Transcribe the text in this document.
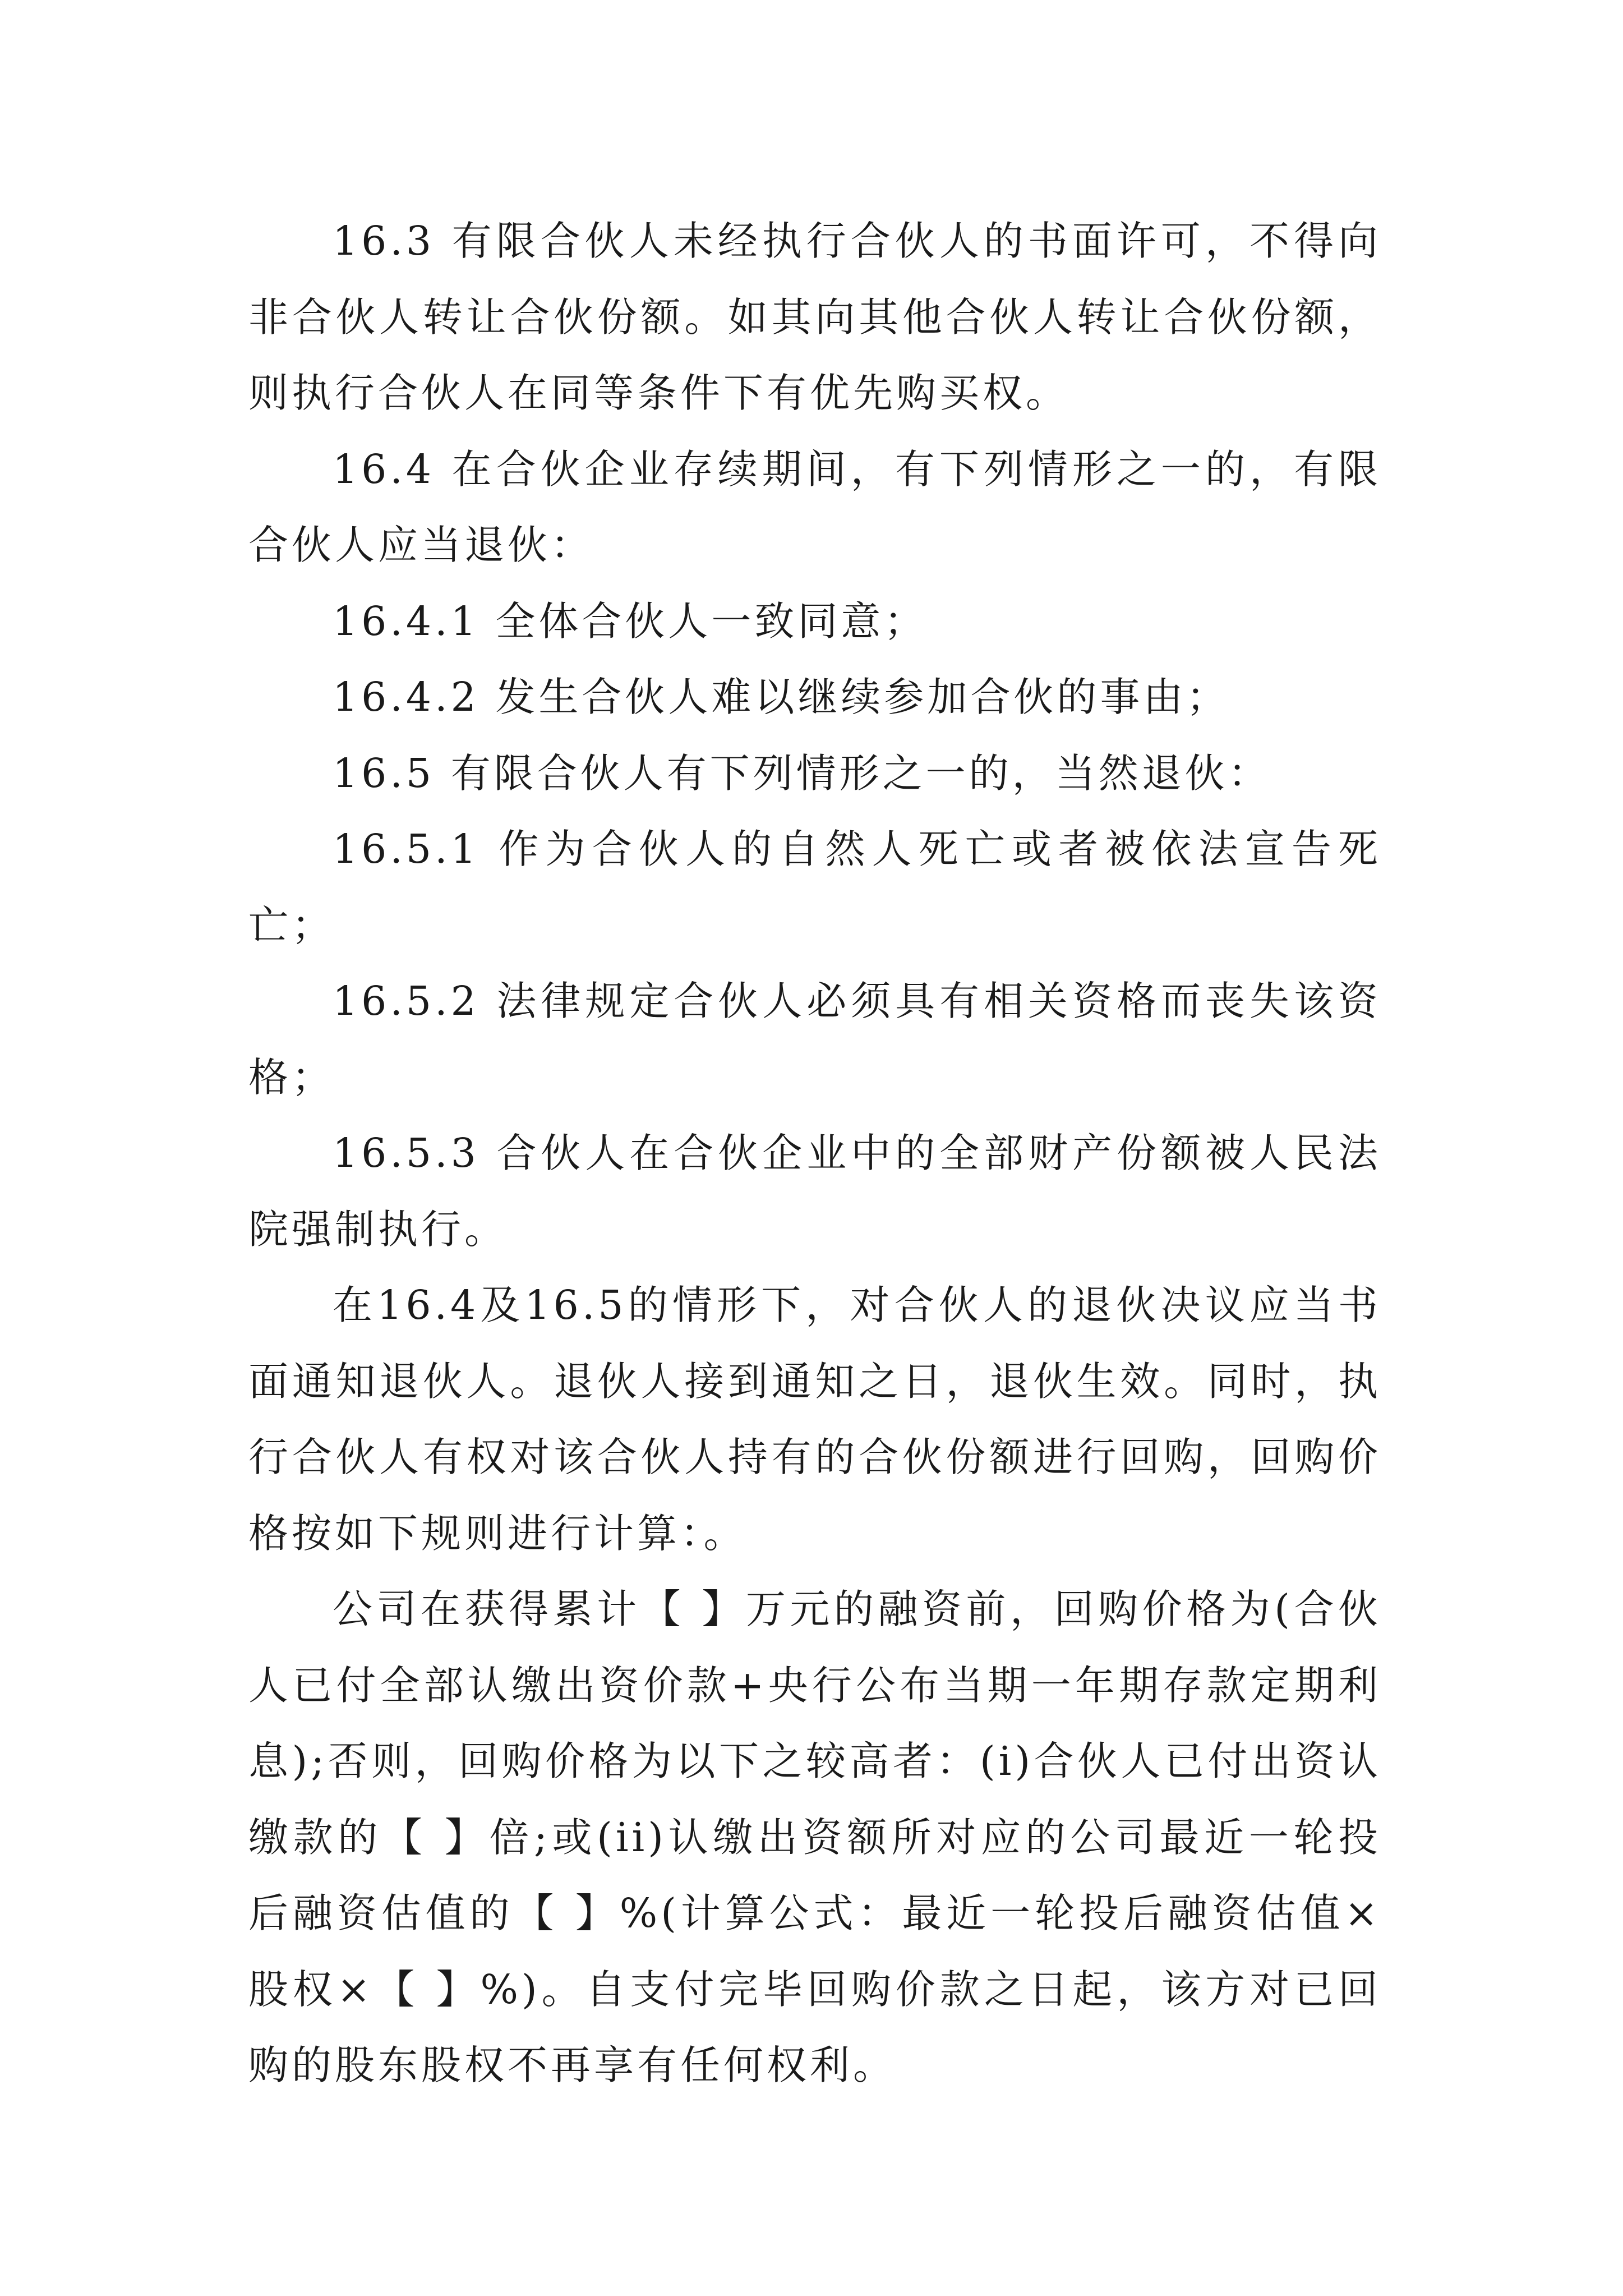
16.3 有限合伙人未经执行合伙人的书面许可，不得向非合伙人转让合伙份额。如其向其他合伙人转让合伙份额，则执行合伙人在同等条件下有优先购买权。

16.4 在合伙企业存续期间，有下列情形之一的，有限合伙人应当退伙：

16.4.1 全体合伙人一致同意；

16.4.2 发生合伙人难以继续参加合伙的事由；

16.5 有限合伙人有下列情形之一的，当然退伙：

16.5.1 作为合伙人的自然人死亡或者被依法宣告死亡；

16.5.2 法律规定合伙人必须具有相关资格而丧失该资格；

16.5.3 合伙人在合伙企业中的全部财产份额被人民法院强制执行。

在16.4及16.5的情形下，对合伙人的退伙决议应当书面通知退伙人。退伙人接到通知之日，退伙生效。同时，执行合伙人有权对该合伙人持有的合伙份额进行回购，回购价格按如下规则进行计算：。

公司在获得累计【 】万元的融资前，回购价格为(合伙人已付全部认缴出资价款+央行公布当期一年期存款定期利息);否则，回购价格为以下之较高者：(i)合伙人已付出资认缴款的【 】倍;或(ii)认缴出资额所对应的公司最近一轮投后融资估值的【 】%(计算公式：最近一轮投后融资估值×股权×【 】%)。自支付完毕回购价款之日起，该方对已回购的股东股权不再享有任何权利。
